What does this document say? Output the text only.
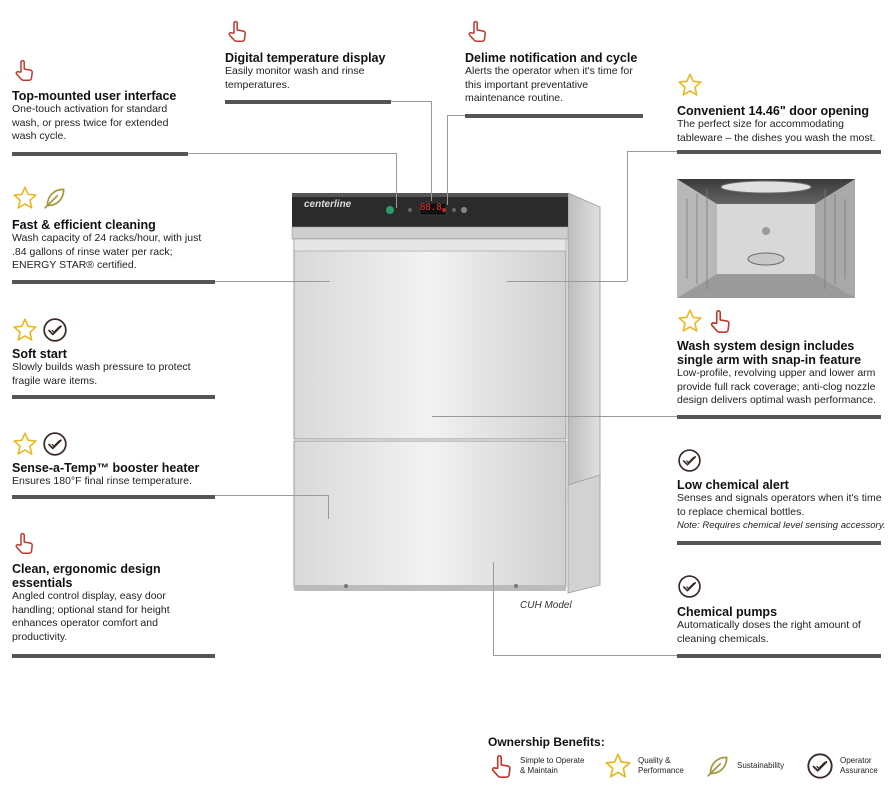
Top-mounted user interface

One-touch activation for standard wash, or press twice for extended wash cycle.

Fast & efficient cleaning

Wash capacity of 24 racks/hour, with just .84 gallons of rinse water per rack; ENERGY STAR® certified.

Soft start

Slowly builds wash pressure to protect fragile ware items.

Sense-a-Temp™ booster heater

Ensures 180°F final rinse temperature.

Clean, ergonomic design essentials

Angled control display, easy door handling; optional stand for height enhances operator comfort and productivity.

Digital temperature display

Easily monitor wash and rinse temperatures.

Delime notification and cycle

Alerts the operator when it's time for this important preventative maintenance routine.

Convenient 14.46" door opening

The perfect size for accommodating tableware – the dishes you wash the most.

Wash system design includes single arm with snap-in feature

Low-profile, revolving upper and lower arm provide full rack coverage; anti-clog nozzle design delivers optimal wash performance.

Low chemical alert

Senses and signals operators when it's time to replace chemical bottles.

Note: Requires chemical level sensing accessory.

Chemical pumps

Automatically doses the right amount of cleaning chemicals.

centerline	88.8
CUH Model
Ownership Benefits:
Simple to Operate & Maintain
Quality & Performance
Sustainability
Operator Assurance
